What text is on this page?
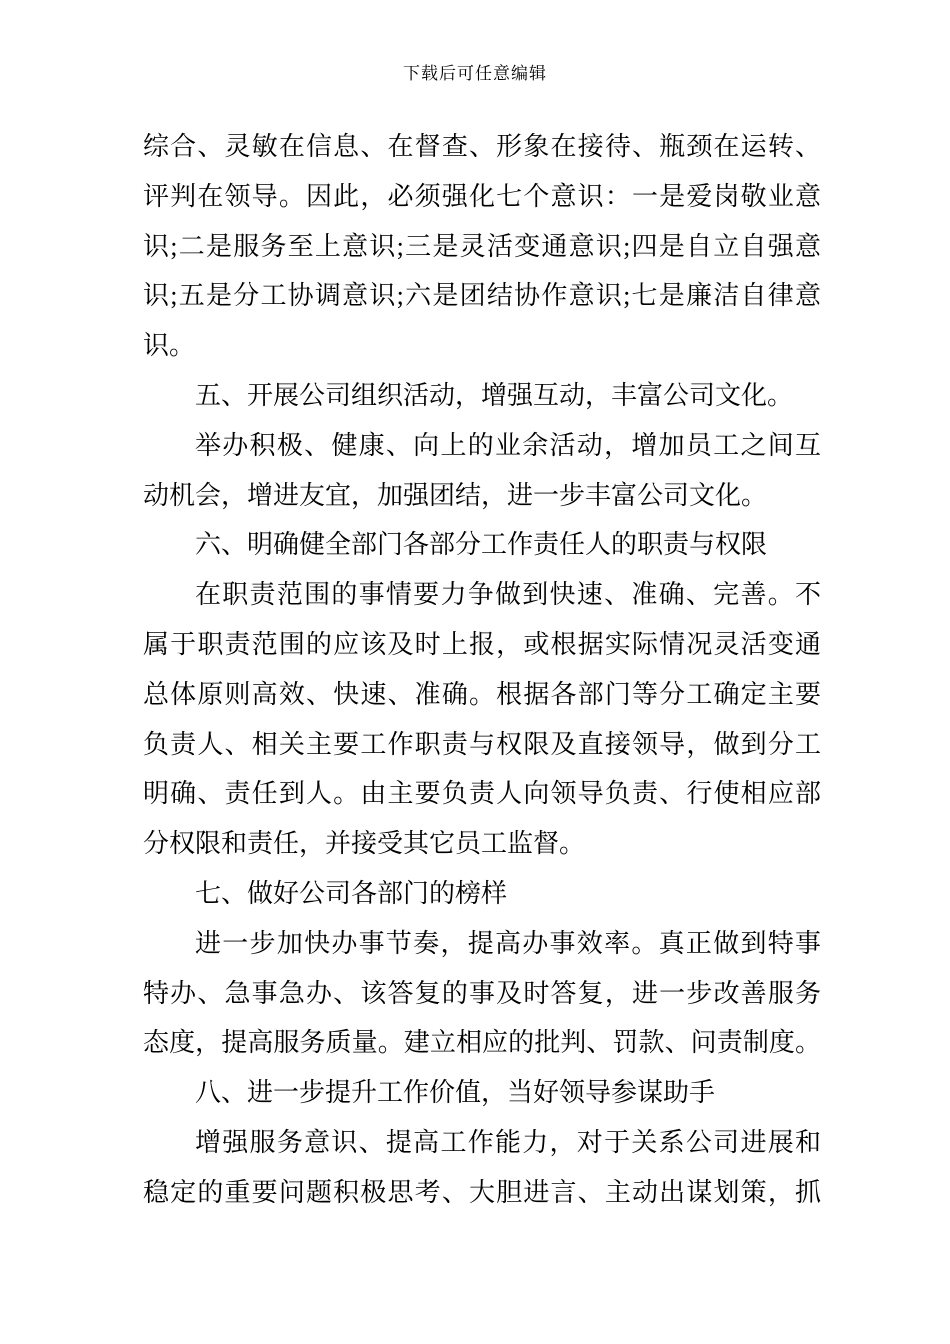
下载后可任意编辑
综合、灵敏在信息、在督查、形象在接待、瓶颈在运转、
评判在领导。因此，必须强化七个意识：一是爱岗敬业意
识;二是服务至上意识;三是灵活变通意识;四是自立自强意
识;五是分工协调意识;六是团结协作意识;七是廉洁自律意
识。
五、开展公司组织活动，增强互动，丰富公司文化。
举办积极、健康、向上的业余活动，增加员工之间互
动机会，增进友宜，加强团结，进一步丰富公司文化。
六、明确健全部门各部分工作责任人的职责与权限
在职责范围的事情要力争做到快速、准确、完善。不
属于职责范围的应该及时上报，或根据实际情况灵活变通
总体原则高效、快速、准确。根据各部门等分工确定主要
负责人、相关主要工作职责与权限及直接领导，做到分工
明确、责任到人。由主要负责人向领导负责、行使相应部
分权限和责任，并接受其它员工监督。
七、做好公司各部门的榜样
进一步加快办事节奏，提高办事效率。真正做到特事
特办、急事急办、该答复的事及时答复，进一步改善服务
态度，提高服务质量。建立相应的批判、罚款、问责制度。
八、进一步提升工作价值，当好领导参谋助手
增强服务意识、提高工作能力，对于关系公司进展和
稳定的重要问题积极思考、大胆进言、主动出谋划策，抓
